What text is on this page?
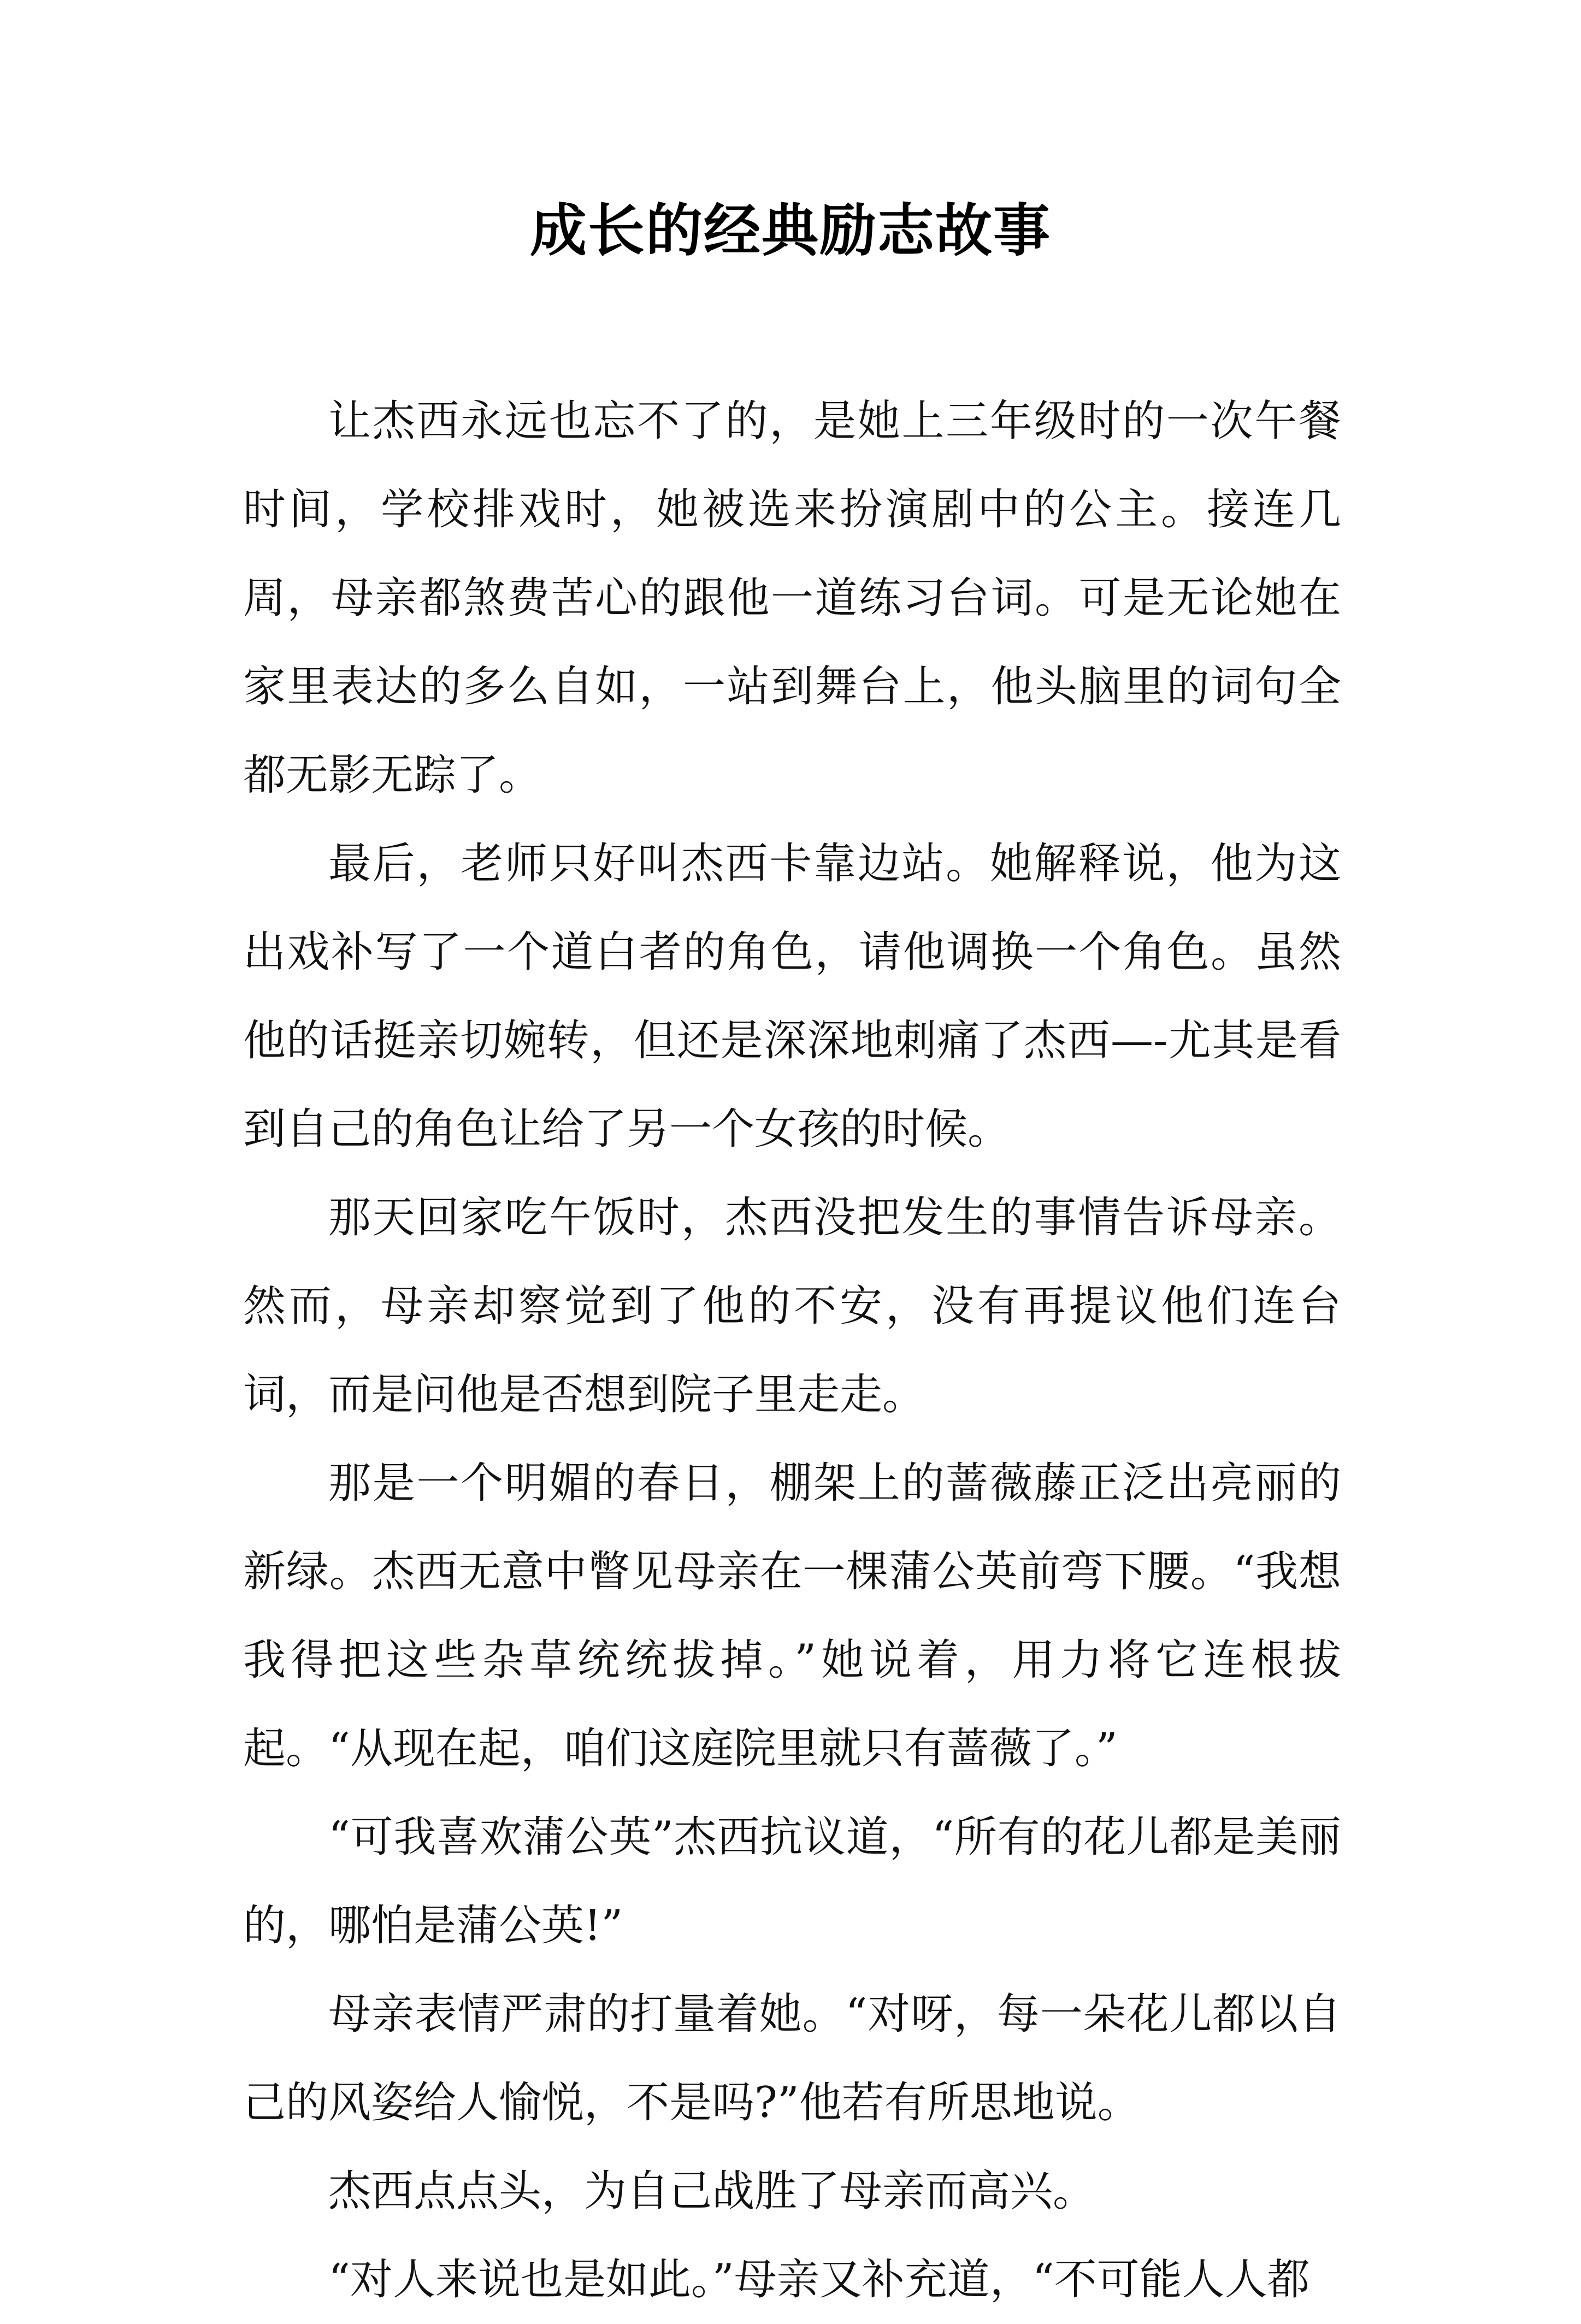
成长的经典励志故事

让杰西永远也忘不了的，是她上三年级时的一次午餐时间，学校排戏时，她被选来扮演剧中的公主。接连几周，母亲都煞费苦心的跟他一道练习台词。可是无论她在家里表达的多么自如，一站到舞台上，他头脑里的词句全都无影无踪了。

最后，老师只好叫杰西卡靠边站。她解释说，他为这出戏补写了一个道白者的角色，请他调换一个角色。虽然他的话挺亲切婉转，但还是深深地刺痛了杰西—-尤其是看到自己的角色让给了另一个女孩的时候。

那天回家吃午饭时，杰西没把发生的事情告诉母亲。然而，母亲却察觉到了他的不安，没有再提议他们连台词，而是问他是否想到院子里走走。

那是一个明媚的春日，棚架上的蔷薇藤正泛出亮丽的新绿。杰西无意中瞥见母亲在一棵蒲公英前弯下腰。“我想我得把这些杂草统统拔掉。”她说着，用力将它连根拔起。“从现在起，咱们这庭院里就只有蔷薇了。”

“可我喜欢蒲公英”杰西抗议道，“所有的花儿都是美丽的，哪怕是蒲公英!”

母亲表情严肃的打量着她。“对呀，每一朵花儿都以自己的风姿给人愉悦，不是吗?”他若有所思地说。

杰西点点头，为自己战胜了母亲而高兴。

“对人来说也是如此。”母亲又补充道，“不可能人人都
